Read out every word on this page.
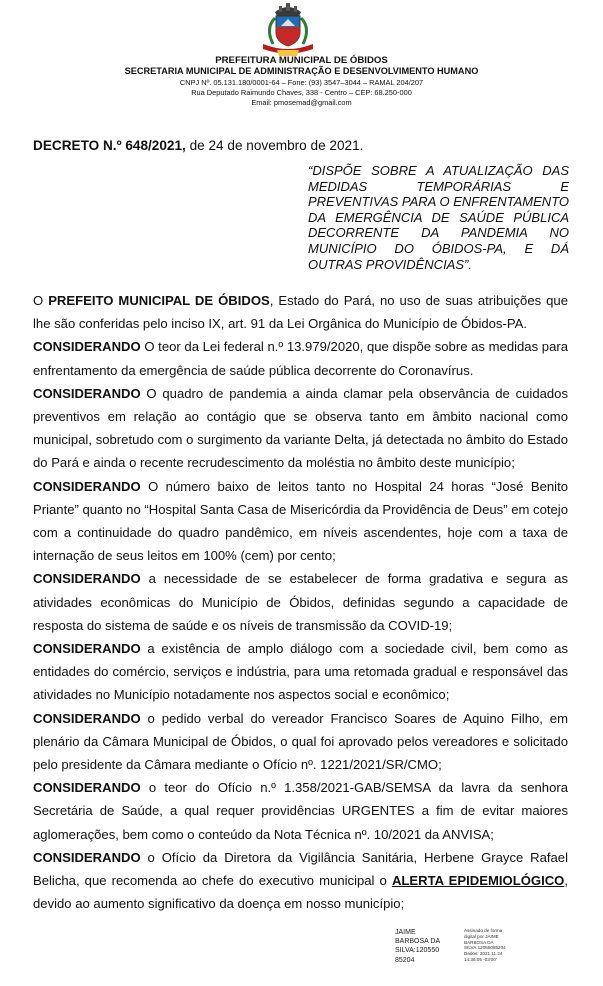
PREFEITURA MUNICIPAL DE ÓBIDOS
SECRETARIA MUNICIPAL DE ADMINISTRAÇÃO E DESENVOLVIMENTO HUMANO
CNPJ Nº. 05.131.180/0001-64 – Fone: (93) 3547–3044 – RAMAL 204/207
Rua Deputado Raimundo Chaves, 338 - Centro – CEP: 68.250-000
Email: pmosemad@gmail.com
DECRETO N.º 648/2021, de 24 de novembro de 2021.
“DISPÕE SOBRE A ATUALIZAÇÃO DAS MEDIDAS TEMPORÁRIAS E PREVENTIVAS PARA O ENFRENTAMENTO DA EMERGÊNCIA DE SAÚDE PÚBLICA DECORRENTE DA PANDEMIA NO MUNICÍPIO DO ÓBIDOS-PA, E DÁ OUTRAS PROVIDÊNCIAS”.

O PREFEITO MUNICIPAL DE ÓBIDOS, Estado do Pará, no uso de suas atribuições que lhe são conferidas pelo inciso IX, art. 91 da Lei Orgânica do Município de Óbidos-PA.

CONSIDERANDO O teor da Lei federal n.º 13.979/2020, que dispõe sobre as medidas para enfrentamento da emergência de saúde pública decorrente do Coronavírus.

CONSIDERANDO O quadro de pandemia a ainda clamar pela observância de cuidados preventivos em relação ao contágio que se observa tanto em âmbito nacional como municipal, sobretudo com o surgimento da variante Delta, já detectada no âmbito do Estado do Pará e ainda o recente recrudescimento da moléstia no âmbito deste município;

CONSIDERANDO O número baixo de leitos tanto no Hospital 24 horas “José Benito Priante” quanto no “Hospital Santa Casa de Misericórdia da Providência de Deus” em cotejo com a continuidade do quadro pandêmico, em níveis ascendentes, hoje com a taxa de internação de seus leitos em 100% (cem) por cento;

CONSIDERANDO a necessidade de se estabelecer de forma gradativa e segura as atividades econômicas do Município de Óbidos, definidas segundo a capacidade de resposta do sistema de saúde e os níveis de transmissão da COVID-19;

CONSIDERANDO a existência de amplo diálogo com a sociedade civil, bem como as entidades do comércio, serviços e indústria, para uma retomada gradual e responsável das atividades no Município notadamente nos aspectos social e econômico;

CONSIDERANDO o pedido verbal do vereador Francisco Soares de Aquino Filho, em plenário da Câmara Municipal de Óbidos, o qual foi aprovado pelos vereadores e solicitado pelo presidente da Câmara mediante o Ofício nº. 1221/2021/SR/CMO;

CONSIDERANDO o teor do Ofício n.º 1.358/2021-GAB/SEMSA da lavra da senhora Secretária de Saúde, a qual requer providências URGENTES a fim de evitar maiores aglomerações, bem como o conteúdo da Nota Técnica nº. 10/2021 da ANVISA;

CONSIDERANDO o Ofício da Diretora da Vigilância Sanitária, Herbene Grayce Rafael Belicha, que recomenda ao chefe do executivo municipal o ALERTA EPIDEMIOLÓGICO, devido ao aumento significativo da doença em nosso município;

JAIME
BARBOSA DA
SILVA:120550
85204
Assinado de forma
digital por JAIME
BARBOSA DA
SILVA:12055085204
Dados: 2021.11.24
14:36:05 -03'00'
